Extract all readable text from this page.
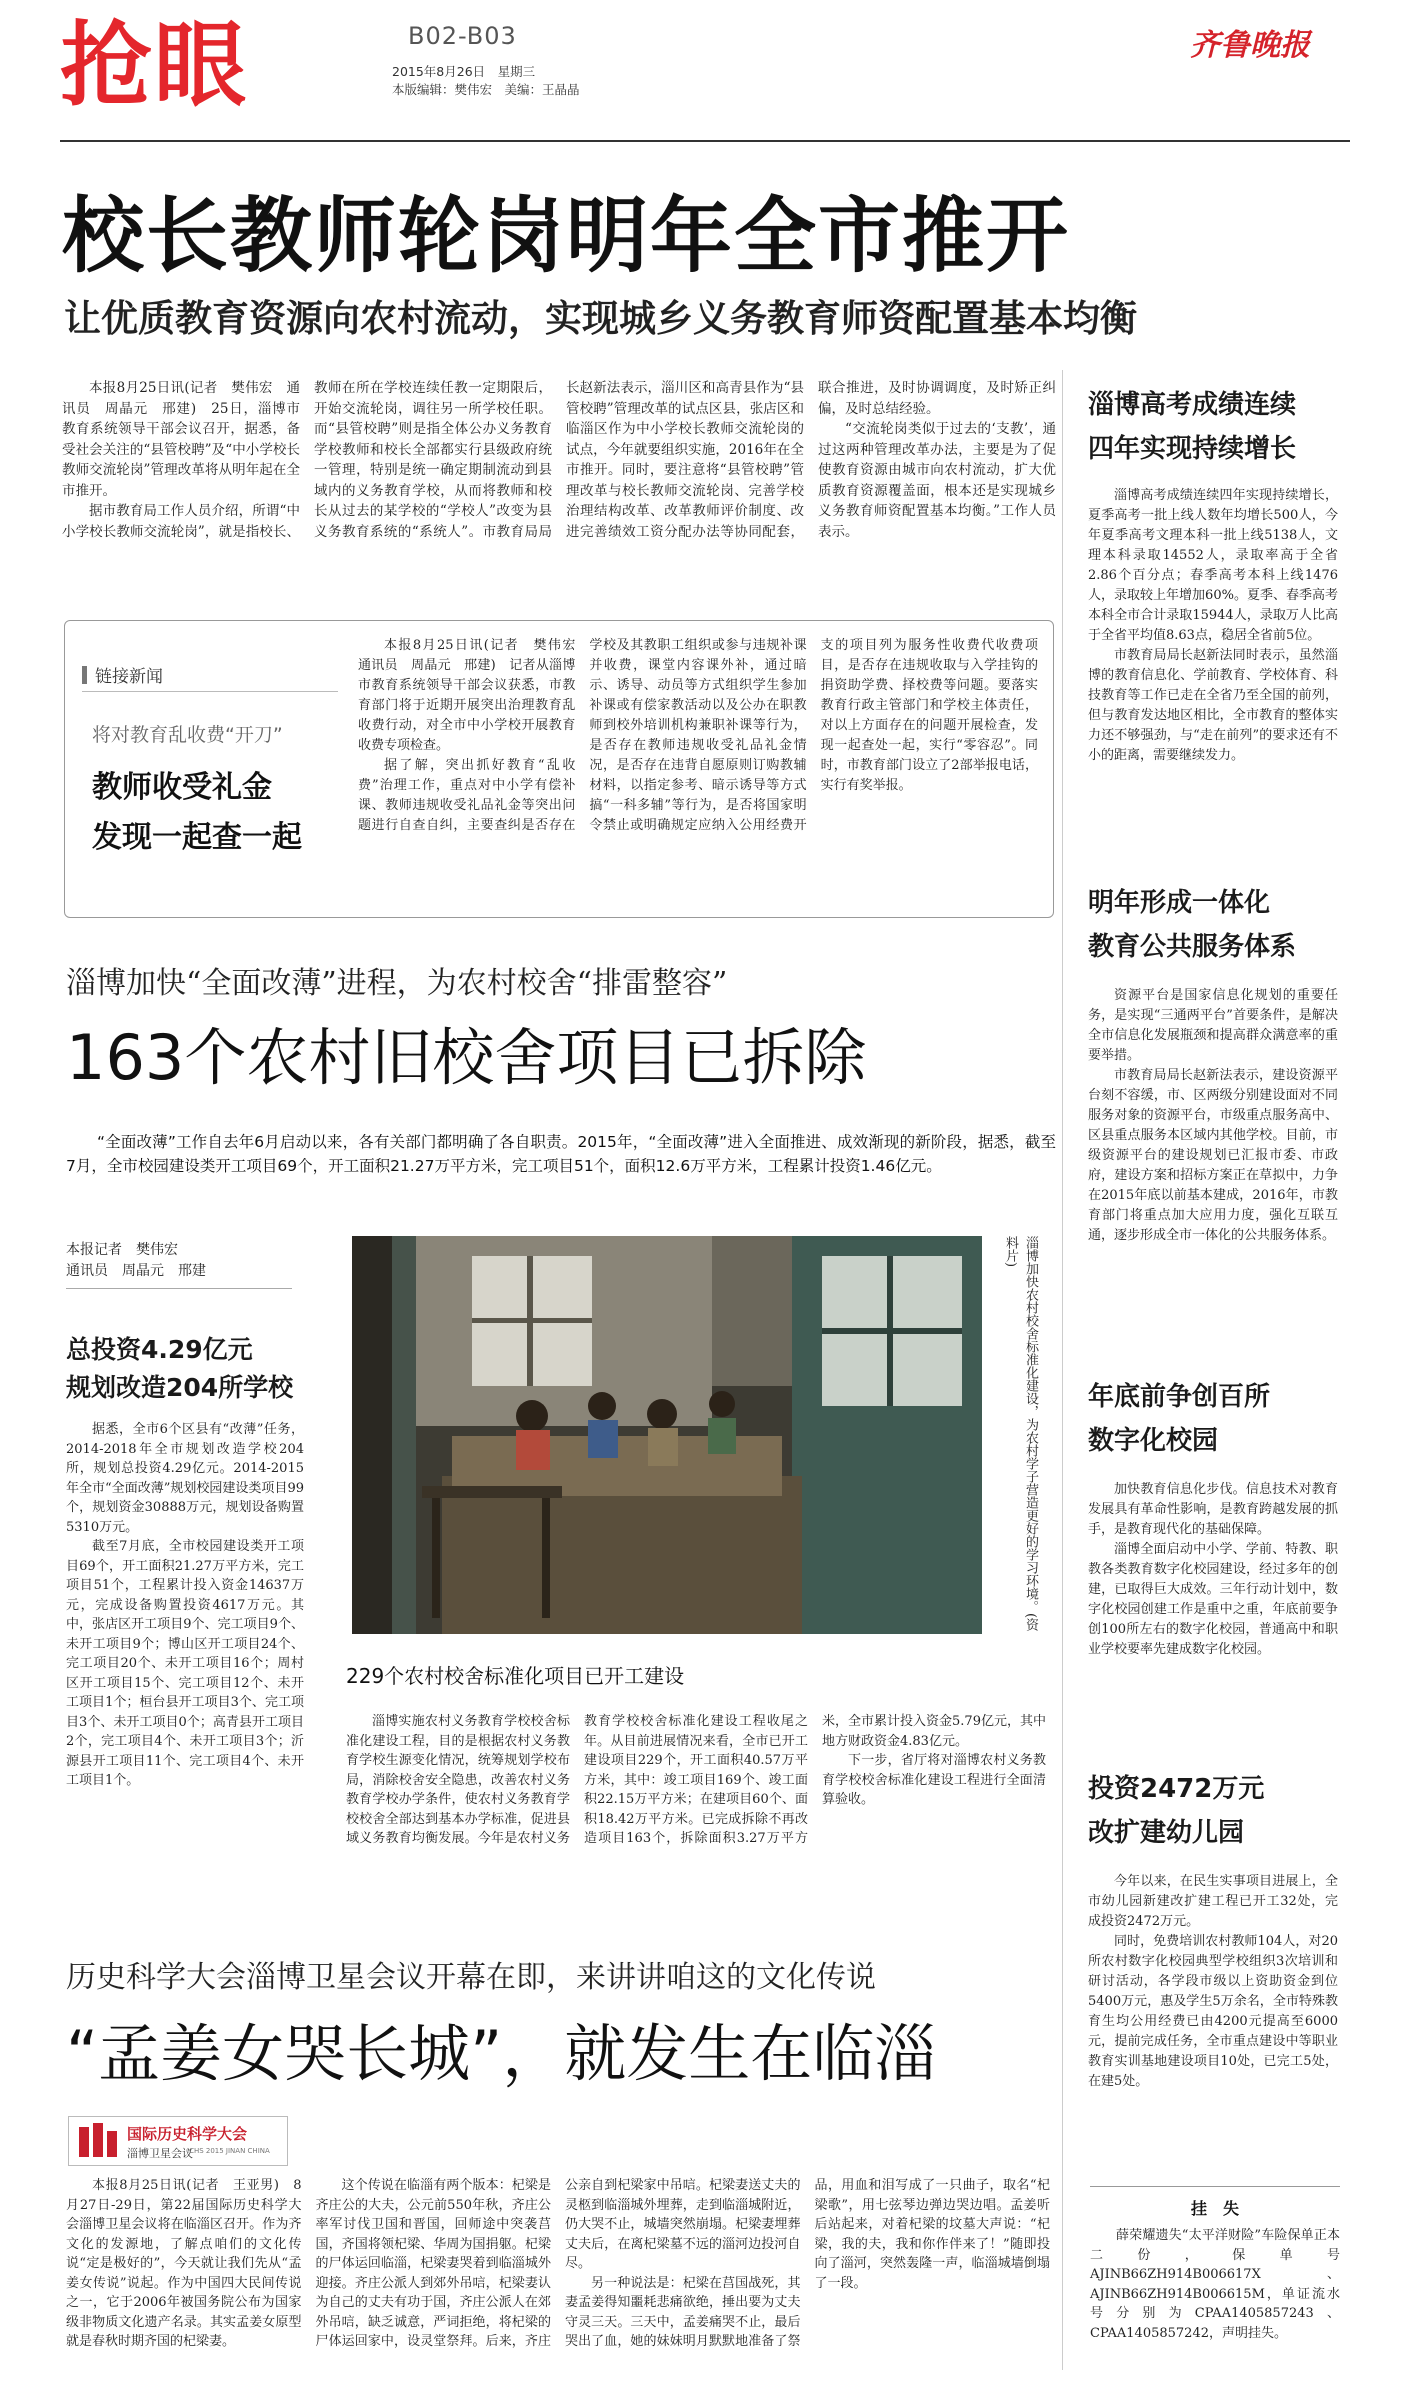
抢眼	B02-B03
2015年8月26日　星期三
本版编辑：樊伟宏　美编：王晶晶
齐鲁晚报
校长教师轮岗明年全市推开
让优质教育资源向农村流动，实现城乡义务教育师资配置基本均衡

本报8月25日讯(记者　樊伟宏　通讯员　周晶元　邢建)　25日，淄博市教育系统领导干部会议召开，据悉，备受社会关注的“县管校聘”及“中小学校长教师交流轮岗”管理改革将从明年起在全市推开。

据市教育局工作人员介绍，所谓“中小学校长教师交流轮岗”，就是指校长、教师在所在学校连续任教一定期限后，开始交流轮岗，调往另一所学校任职。而“县管校聘”则是指全体公办义务教育学校教师和校长全部都实行县级政府统一管理，特别是统一确定期制流动到县域内的义务教育学校，从而将教师和校长从过去的某学校的“学校人”改变为县义务教育系统的“系统人”。市教育局局长赵新法表示，淄川区和高青县作为“县管校聘”管理改革的试点区县，张店区和临淄区作为中小学校长教师交流轮岗的试点，今年就要组织实施，2016年在全市推开。同时，要注意将“县管校聘”管理改革与校长教师交流轮岗、完善学校治理结构改革、改革教师评价制度、改进完善绩效工资分配办法等协同配套，联合推进，及时协调调度，及时矫正纠偏，及时总结经验。

“交流轮岗类似于过去的‘支教’，通过这两种管理改革办法，主要是为了促使教育资源由城市向农村流动，扩大优质教育资源覆盖面，根本还是实现城乡义务教育师资配置基本均衡。”工作人员表示。

链接新闻
将对教育乱收费“开刀”
教师收受礼金
发现一起查一起

本报8月25日讯(记者　樊伟宏　通讯员　周晶元　邢建)　记者从淄博市教育系统领导干部会议获悉，市教育部门将于近期开展突出治理教育乱收费行动，对全市中小学校开展教育收费专项检查。

据了解，突出抓好教育“乱收费”治理工作，重点对中小学有偿补课、教师违规收受礼品礼金等突出问题进行自查自纠，主要查纠是否存在学校及其教职工组织或参与违规补课并收费，课堂内容课外补，通过暗示、诱导、动员等方式组织学生参加补课或有偿家教活动以及公办在职教师到校外培训机构兼职补课等行为，是否存在教师违规收受礼品礼金情况，是否存在违背自愿原则订购教辅材料，以指定参考、暗示诱导等方式搞“一科多辅”等行为，是否将国家明令禁止或明确规定应纳入公用经费开支的项目列为服务性收费代收费项目，是否存在违规收取与入学挂钩的捐资助学费、择校费等问题。要落实教育行政主管部门和学校主体责任，对以上方面存在的问题开展检查，发现一起查处一起，实行“零容忍”。同时，市教育部门设立了2部举报电话，实行有奖举报。

淄博加快“全面改薄”进程，为农村校舍“排雷整容”
163个农村旧校舍项目已拆除
“全面改薄”工作自去年6月启动以来，各有关部门都明确了各自职责。2015年，“全面改薄”进入全面推进、成效渐现的新阶段，据悉，截至7月，全市校园建设类开工项目69个，开工面积21.27万平方米，完工项目51个，面积12.6万平方米，工程累计投资1.46亿元。
本报记者　樊伟宏
通讯员　周晶元　邢建
总投资4.29亿元
规划改造204所学校

据悉，全市6个区县有“改薄”任务，2014-2018年全市规划改造学校204所，规划总投资4.29亿元。2014-2015年全市“全面改薄”规划校园建设类项目99个，规划资金30888万元，规划设备购置5310万元。

截至7月底，全市校园建设类开工项目69个，开工面积21.27万平方米，完工项目51个，工程累计投入资金14637万元，完成设备购置投资4617万元。其中，张店区开工项目9个、完工项目9个、未开工项目9个；博山区开工项目24个、完工项目20个、未开工项目16个；周村区开工项目15个、完工项目12个、未开工项目1个；桓台县开工项目3个、完工项目3个、未开工项目0个；高青县开工项目2个，完工项目4个、未开工项目3个；沂源县开工项目11个、完工项目4个、未开工项目1个。

淄博加快农村校舍标准化建设，为农村学子营造更好的学习环境。(资料片)
229个农村校舍标准化项目已开工建设

淄博实施农村义务教育学校校舍标准化建设工程，目的是根据农村义务教育学校生源变化情况，统筹规划学校布局，消除校舍安全隐患，改善农村义务教育学校办学条件，使农村义务教育学校校舍全部达到基本办学标准，促进县域义务教育均衡发展。今年是农村义务教育学校校舍标准化建设工程收尾之年。从目前进展情况来看，全市已开工建设项目229个，开工面积40.57万平方米，其中：竣工项目169个、竣工面积22.15万平方米；在建项目60个、面积18.42万平方米。已完成拆除不再改造项目163个，拆除面积3.27万平方米，全市累计投入资金5.79亿元，其中地方财政资金4.83亿元。

下一步，省厅将对淄博农村义务教育学校校舍标准化建设工程进行全面清算验收。

历史科学大会淄博卫星会议开幕在即，来讲讲咱这的文化传说
“孟姜女哭长城”，就发生在临淄
国际历史科学大会
淄博卫星会议
ICHS 2015 JINAN CHINA

本报8月25日讯(记者　王亚男)　8月27日-29日，第22届国际历史科学大会淄博卫星会议将在临淄区召开。作为齐文化的发源地，了解点咱们的文化传说“定是极好的”，今天就让我们先从“孟姜女传说”说起。作为中国四大民间传说之一，它于2006年被国务院公布为国家级非物质文化遗产名录。其实孟姜女原型就是春秋时期齐国的杞梁妻。

这个传说在临淄有两个版本：杞梁是齐庄公的大夫，公元前550年秋，齐庄公率军讨伐卫国和晋国，回师途中突袭莒国，齐国将领杞梁、华周为国捐躯。杞梁的尸体运回临淄，杞梁妻哭着到临淄城外迎接。齐庄公派人到郊外吊唁，杞梁妻认为自己的丈夫有功于国，齐庄公派人在郊外吊唁，缺乏诚意，严词拒绝，将杞梁的尸体运回家中，设灵堂祭拜。后来，齐庄公亲自到杞梁家中吊唁。杞梁妻送丈夫的灵柩到临淄城外埋葬，走到临淄城附近，仍大哭不止，城墙突然崩塌。杞梁妻埋葬丈夫后，在离杞梁墓不远的淄河边投河自尽。

另一种说法是：杞梁在莒国战死，其妻孟姜得知噩耗悲痛欲绝，捶出要为丈夫守灵三天。三天中，孟姜痛哭不止，最后哭出了血，她的妹妹明月默默地准备了祭品，用血和泪写成了一只曲子，取名“杞梁歌”，用七弦琴边弹边哭边唱。孟姜听后站起来，对着杞梁的坟墓大声说：“杞梁，我的夫，我和你作伴来了！”随即投向了淄河，突然轰隆一声，临淄城墙倒塌了一段。

淄博高考成绩连续
四年实现持续增长

淄博高考成绩连续四年实现持续增长，夏季高考一批上线人数年均增长500人，今年夏季高考文理本科一批上线5138人，文理本科录取14552人，录取率高于全省2.86个百分点；春季高考本科上线1476人，录取较上年增加60%。夏季、春季高考本科全市合计录取15944人，录取万人比高于全省平均值8.63点，稳居全省前5位。

市教育局局长赵新法同时表示，虽然淄博的教育信息化、学前教育、学校体育、科技教育等工作已走在全省乃至全国的前列，但与教育发达地区相比，全市教育的整体实力还不够强劲，与“走在前列”的要求还有不小的距离，需要继续发力。

明年形成一体化
教育公共服务体系

资源平台是国家信息化规划的重要任务，是实现“三通两平台”首要条件，是解决全市信息化发展瓶颈和提高群众满意率的重要举措。

市教育局局长赵新法表示，建设资源平台刻不容缓，市、区两级分别建设面对不同服务对象的资源平台，市级重点服务高中、区县重点服务本区域内其他学校。目前，市级资源平台的建设规划已汇报市委、市政府，建设方案和招标方案正在草拟中，力争在2015年底以前基本建成，2016年，市教育部门将重点加大应用力度，强化互联互通，逐步形成全市一体化的公共服务体系。

年底前争创百所
数字化校园

加快教育信息化步伐。信息技术对教育发展具有革命性影响，是教育跨越发展的抓手，是教育现代化的基础保障。

淄博全面启动中小学、学前、特教、职教各类教育数字化校园建设，经过多年的创建，已取得巨大成效。三年行动计划中，数字化校园创建工作是重中之重，年底前要争创100所左右的数字化校园，普通高中和职业学校要率先建成数字化校园。

投资2472万元
改扩建幼儿园

今年以来，在民生实事项目进展上，全市幼儿园新建改扩建工程已开工32处，完成投资2472万元。

同时，免费培训农村教师104人，对20所农村数字化校园典型学校组织3次培训和研讨活动，各学段市级以上资助资金到位5400万元，惠及学生5万余名，全市特殊教育生均公用经费已由4200元提高至6000元，提前完成任务，全市重点建设中等职业教育实训基地建设项目10处，已完工5处，在建5处。

挂　失
薛荣耀遗失“太平洋财险”车险保单正本二份，保单号AJINB66ZH914B006617X、AJINB66ZH914B006615M，单证流水号分别为CPAA1405857243、CPAA1405857242，声明挂失。
